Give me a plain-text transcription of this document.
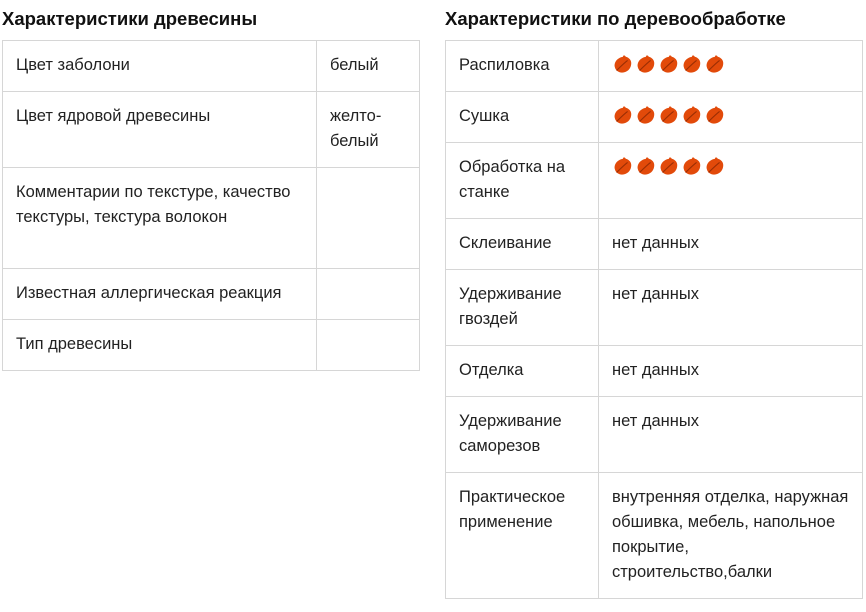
Характеристики древесины
Цвет заболони	белый
Цвет ядровой древесины	желто-белый
Комментарии по текстуре, качество текстуры, текстура волокон	
Известная аллергическая реакция	
Тип древесины	
Характеристики по деревообработке
Распиловка	

Сушка	

Обработка на станке	

Склеивание	нет данных
Удерживание гвоздей	нет данных
Отделка	нет данных
Удерживание саморезов	нет данных
Практическое применение	внутренняя отделка, наружная обшивка, мебель, напольное покрытие, строительство,балки
